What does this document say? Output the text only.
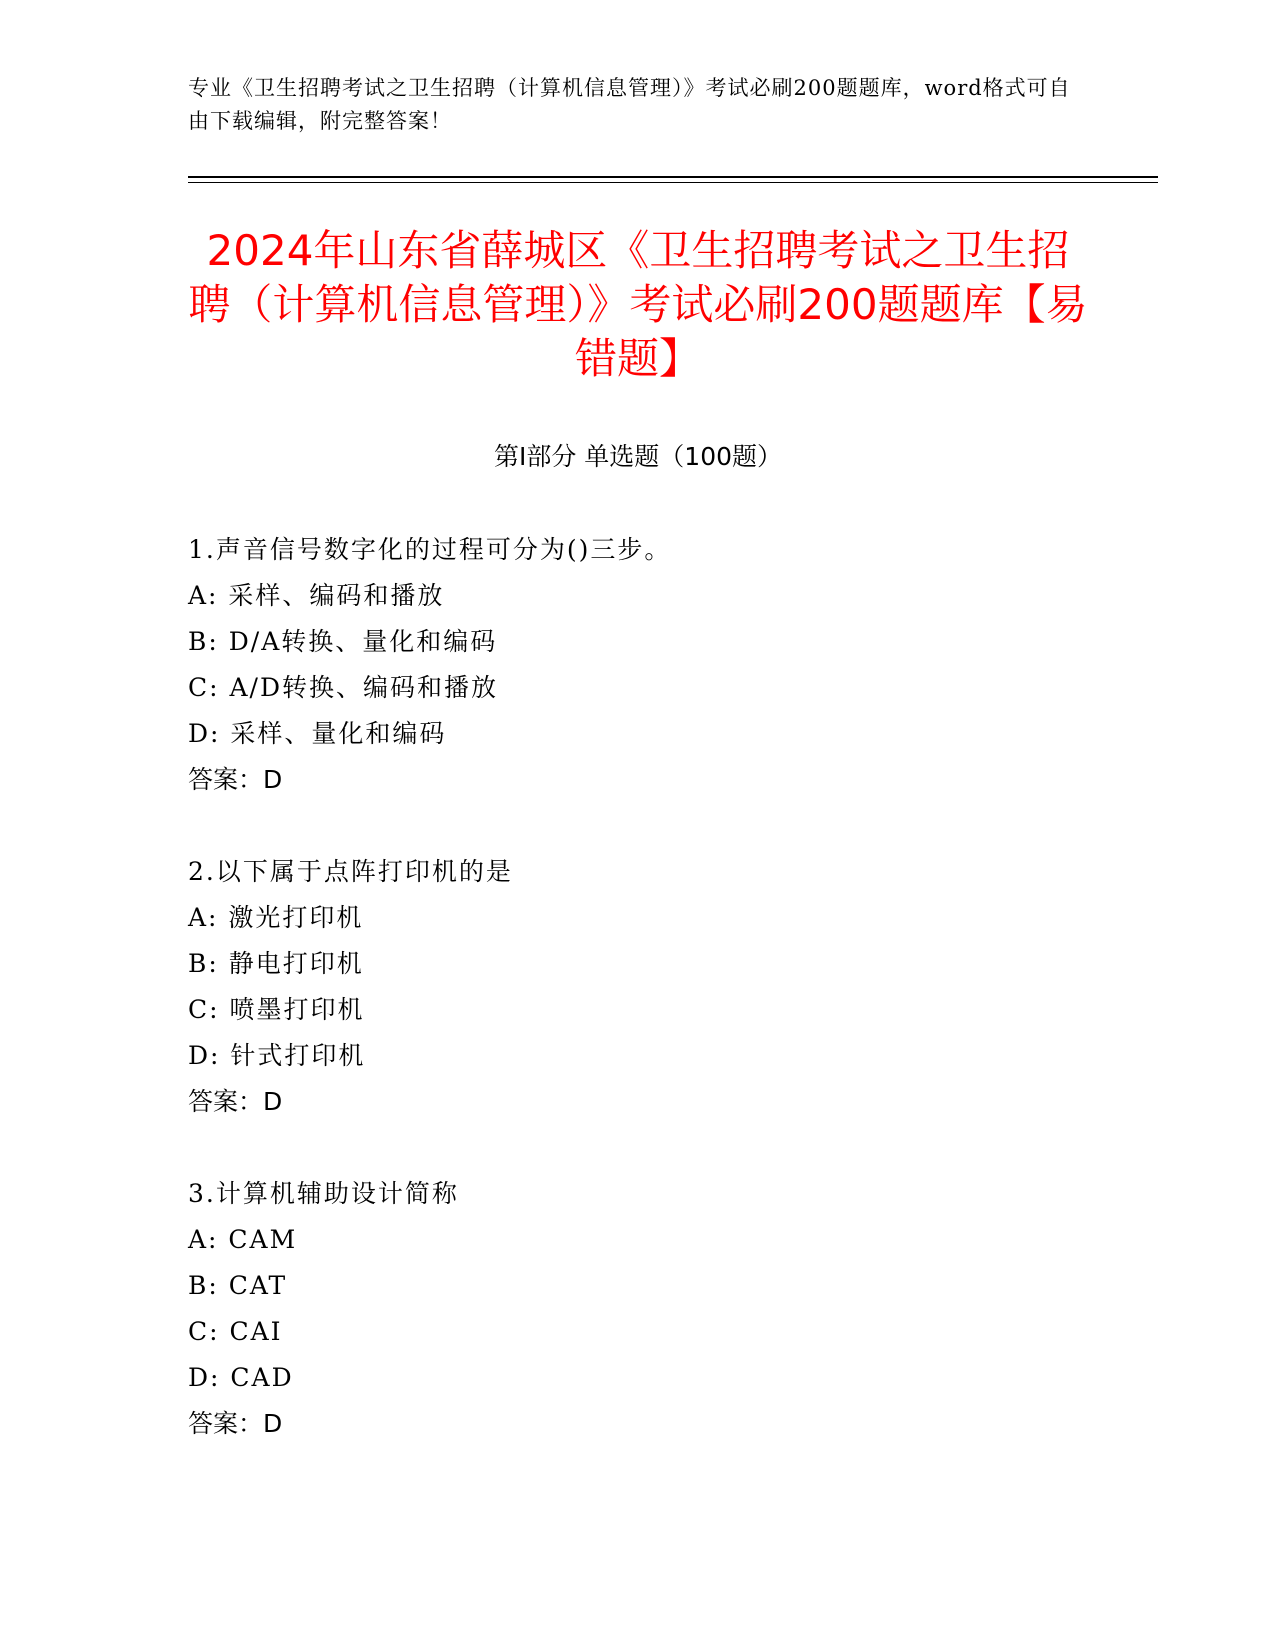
专业《卫生招聘考试之卫生招聘（计算机信息管理）》考试必刷200题题库，word格式可自由下载编辑，附完整答案！
2024年山东省薛城区《卫生招聘考试之卫生招聘（计算机信息管理）》考试必刷200题题库【易错题】
第Ⅰ部分 单选题（100题）
1.声音信号数字化的过程可分为()三步。
A: 采样、编码和播放
B: D/A转换、量化和编码
C: A/D转换、编码和播放
D: 采样、量化和编码
答案：D
2.以下属于点阵打印机的是
A: 激光打印机
B: 静电打印机
C: 喷墨打印机
D: 针式打印机
答案：D
3.计算机辅助设计简称
A: CAM
B: CAT
C: CAI
D: CAD
答案：D
